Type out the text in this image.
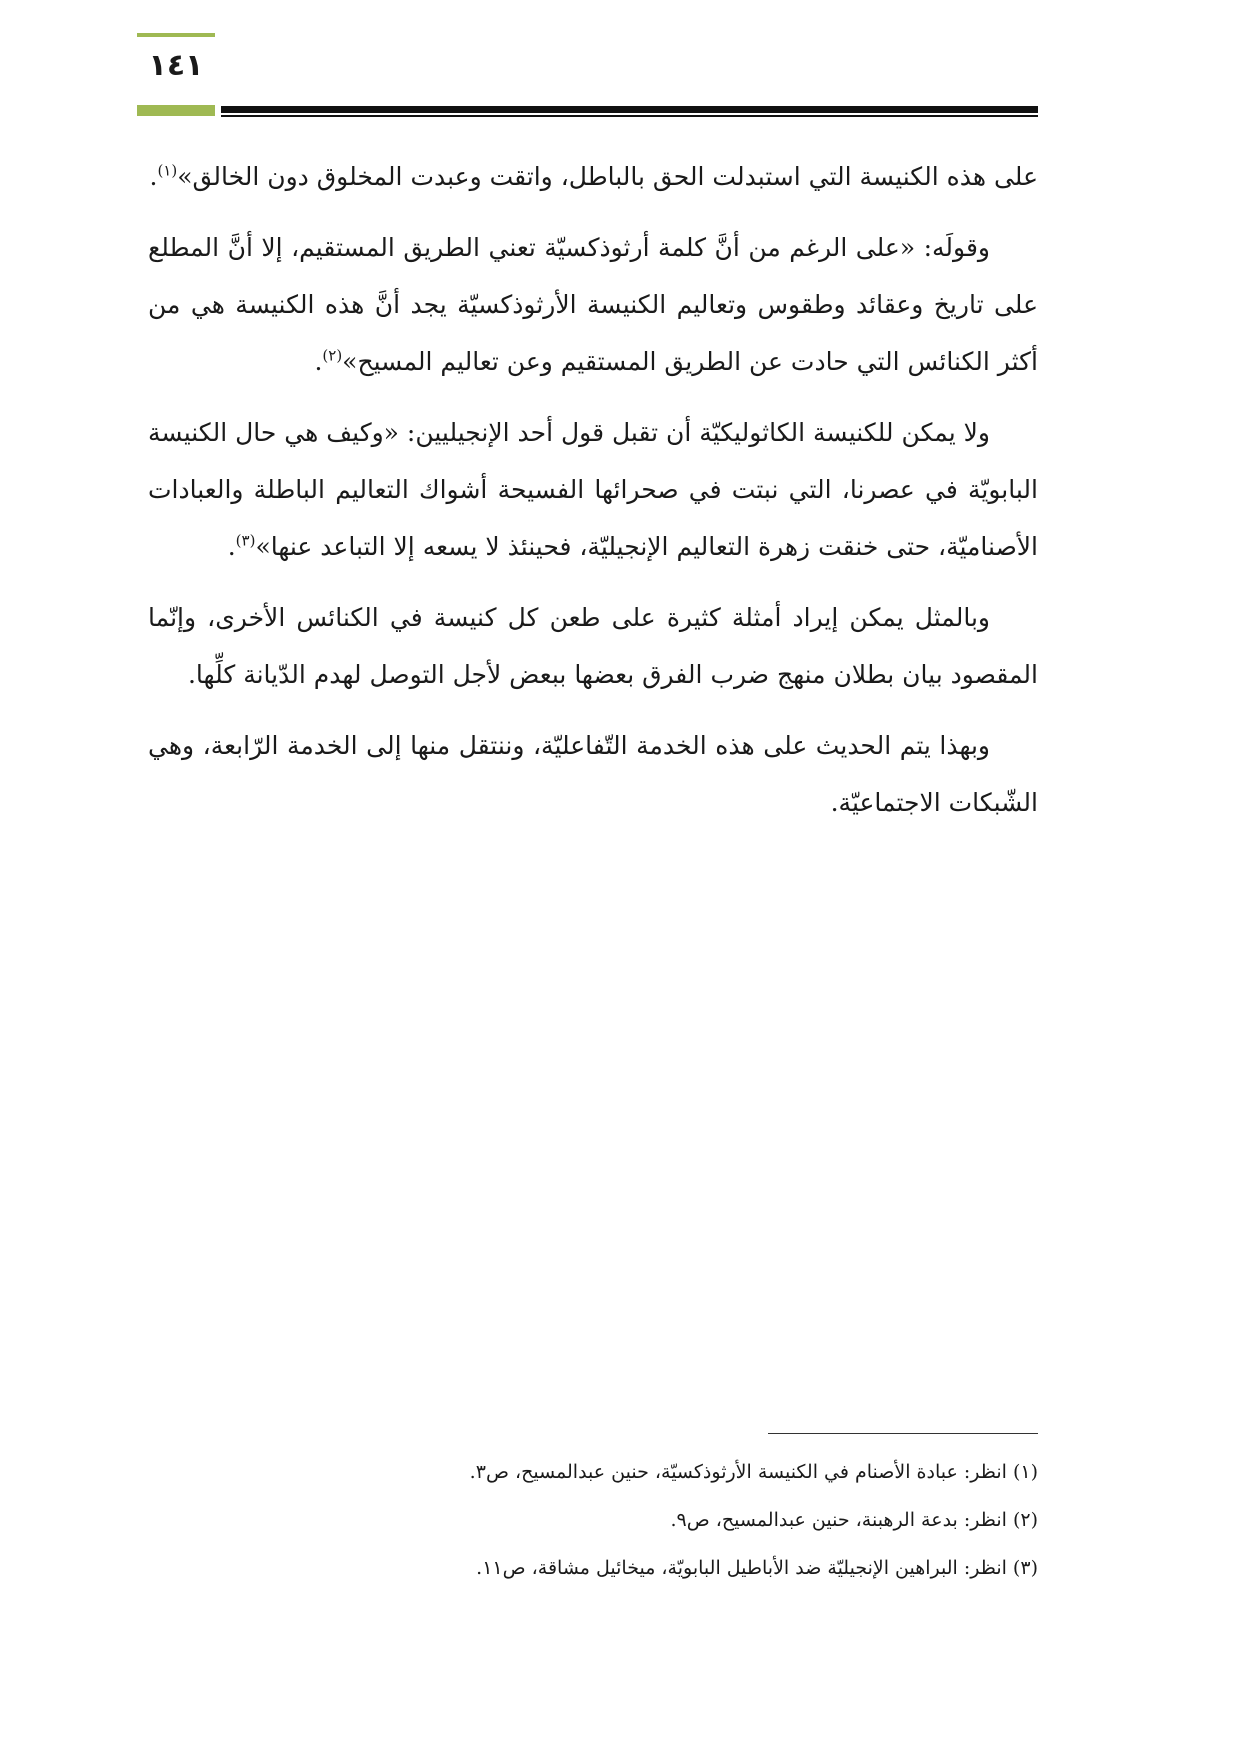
١٤١

على هذه الكنيسة التي استبدلت الحق بالباطل، واتقت وعبدت المخلوق دون الخالق»$^{(١)}$.

وقولَه: «على الرغم من أنَّ كلمة أرثوذكسيّة تعني الطريق المستقيم، إلا أنَّ المطلع على تاريخ وعقائد وطقوس وتعاليم الكنيسة الأرثوذكسيّة يجد أنَّ هذه الكنيسة هي من أكثر الكنائس التي حادت عن الطريق المستقيم وعن تعاليم المسيح»$^{(٢)}$.

ولا يمكن للكنيسة الكاثوليكيّة أن تقبل قول أحد الإنجيليين: «وكيف هي حال الكنيسة البابويّة في عصرنا، التي نبتت في صحرائها الفسيحة أشواك التعاليم الباطلة والعبادات الأصناميّة، حتى خنقت زهرة التعاليم الإنجيليّة، فحينئذ لا يسعه إلا التباعد عنها»$^{(٣)}$.

وبالمثل يمكن إيراد أمثلة كثيرة على طعن كل كنيسة في الكنائس الأخرى، وإنّما المقصود بيان بطلان منهج ضرب الفرق بعضها ببعض لأجل التوصل لهدم الدّيانة كلِّها.

وبهذا يتم الحديث على هذه الخدمة التّفاعليّة، وننتقل منها إلى الخدمة الرّابعة، وهي الشّبكات الاجتماعيّة.

(١) انظر: عبادة الأصنام في الكنيسة الأرثوذكسيّة، حنين عبدالمسيح، ص٣.
(٢) انظر: بدعة الرهبنة، حنين عبدالمسيح، ص٩.
(٣) انظر: البراهين الإنجيليّة ضد الأباطيل البابويّة، ميخائيل مشاقة، ص١١.
